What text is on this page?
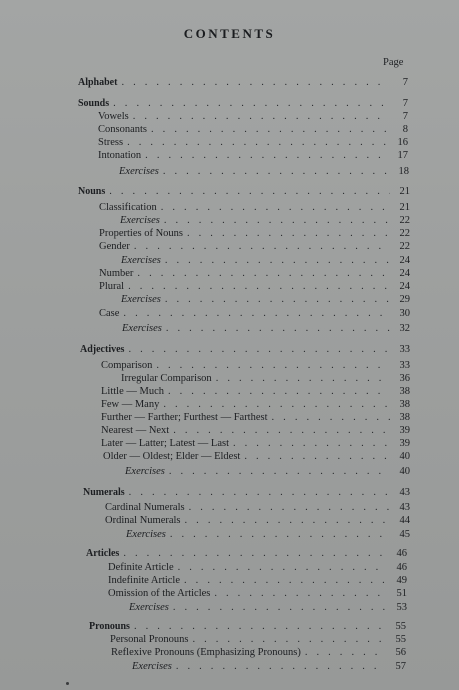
CONTENTS
Page
Alphabet . . .	7
Sounds . . .	7
Vowels . . .	7
Consonants . . .	8
Stress . . .	16
Intonation . . .	17
Exercises . . .	18
Nouns . . .	21
Classification . . .	21
Exercises . . .	22
Properties of Nouns . . .	22
Gender . . .	22
Exercises . . .	24
Number . . .	24
Plural . . .	24
Exercises . . .	29
Case . . .	30
Exercises . . .	32
Adjectives . . .	33
Comparison . . .	33
Irregular Comparison . . .	36
Little — Much . . .	38
Few — Many . . .	38
Further — Farther; Furthest — Farthest . . .	38
Nearest — Next . . .	39
Later — Latter; Latest — Last . . .	39
Older — Oldest; Elder — Eldest . . .	40
Exercises . . .	40
Numerals . . .	43
Cardinal Numerals . . .	43
Ordinal Numerals . . .	44
Exercises . . .	45
Articles . . .	46
Definite Article . . .	46
Indefinite Article . . .	49
Omission of the Articles . . .	51
Exercises . . .	53
Pronouns . . .	55
Personal Pronouns . . .	55
Reflexive Pronouns (Emphasizing Pronouns) . . .	56
Exercises . . .	57
